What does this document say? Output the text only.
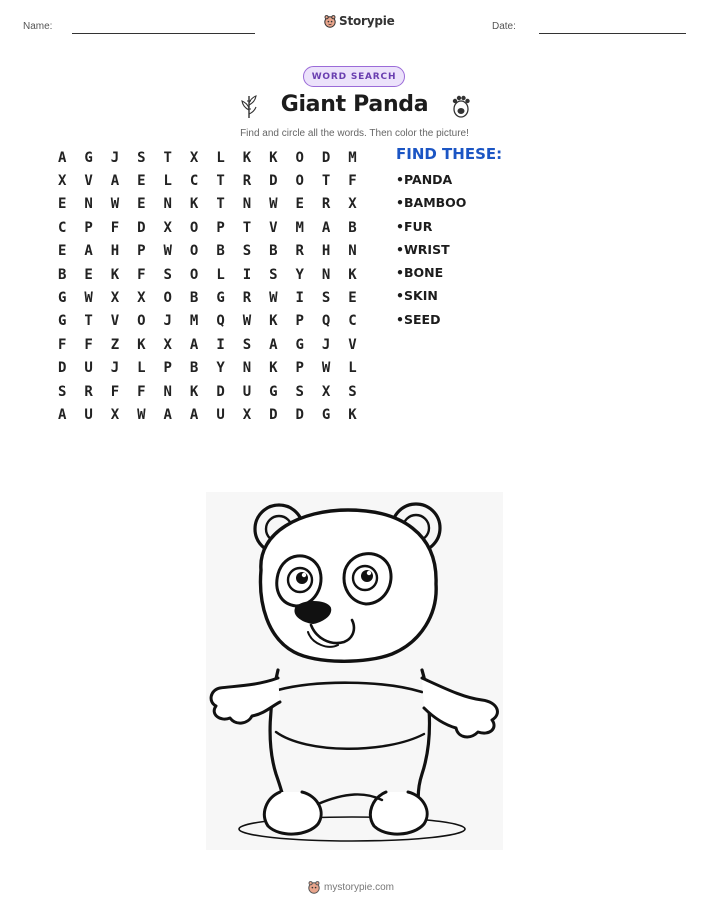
Name:	Storypie	Date:
WORD SEARCH
Giant Panda
Find and circle all the words. Then color the picture!
A	G	J	S	T	X	L	K	K	O	D	M
X	V	A	E	L	C	T	R	D	O	T	F
E	N	W	E	N	K	T	N	W	E	R	X
C	P	F	D	X	O	P	T	V	M	A	B
E	A	H	P	W	O	B	S	B	R	H	N
B	E	K	F	S	O	L	I	S	Y	N	K
G	W	X	X	O	B	G	R	W	I	S	E
G	T	V	O	J	M	Q	W	K	P	Q	C
F	F	Z	K	X	A	I	S	A	G	J	V
D	U	J	L	P	B	Y	N	K	P	W	L
S	R	F	F	N	K	D	U	G	S	X	S
A	U	X	W	A	A	U	X	D	D	G	K
FIND THESE:
• PANDA
• BAMBOO
• FUR
• WRIST
• BONE
• SKIN
• SEED
mystorypie.com
